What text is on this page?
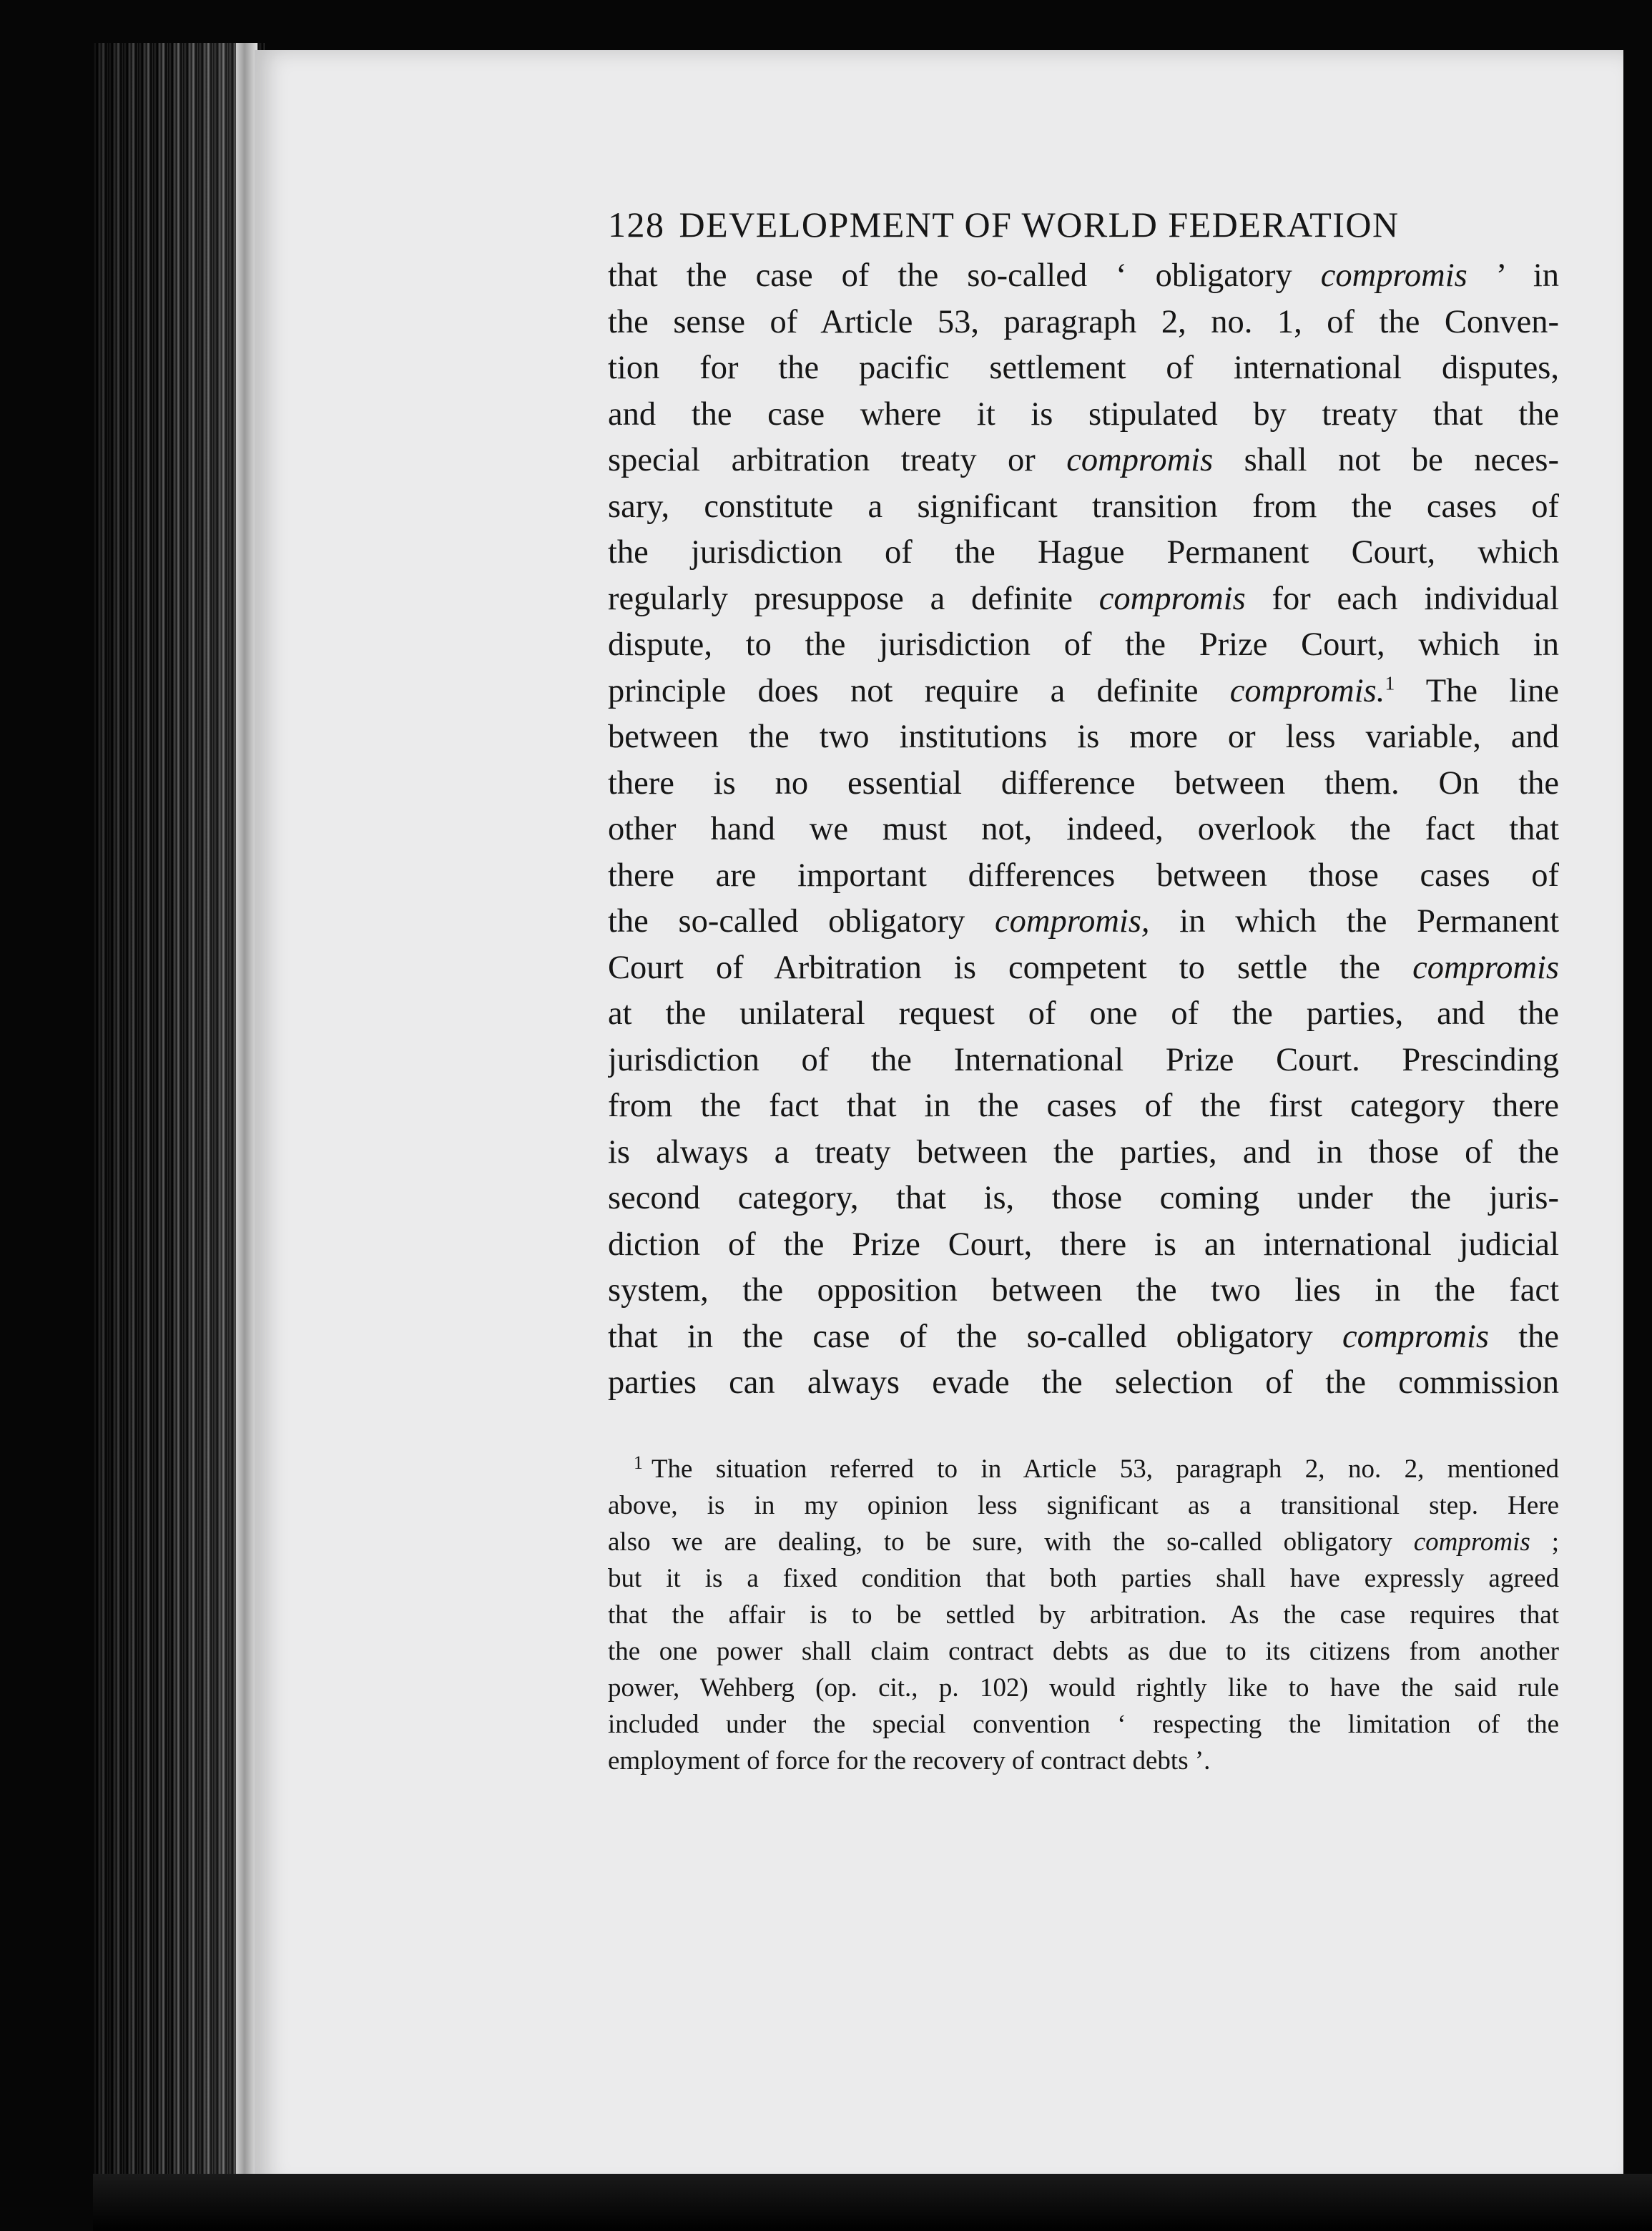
128 DEVELOPMENT OF WORLD FEDERATION

that the case of the so-called ‘ obligatory compromis ’ in

the sense of Article 53, paragraph 2, no. 1, of the Conven-

tion for the pacific settlement of international disputes,

and the case where it is stipulated by treaty that the

special arbitration treaty or compromis shall not be neces-

sary, constitute a significant transition from the cases of

the jurisdiction of the Hague Permanent Court, which

regularly presuppose a definite compromis for each individual

dispute, to the jurisdiction of the Prize Court, which in

principle does not require a definite compromis.$^1$ The line

between the two institutions is more or less variable, and

there is no essential difference between them. On the

other hand we must not, indeed, overlook the fact that

there are important differences between those cases of

the so-called obligatory compromis, in which the Permanent

Court of Arbitration is competent to settle the compromis

at the unilateral request of one of the parties, and the

jurisdiction of the International Prize Court. Prescinding

from the fact that in the cases of the first category there

is always a treaty between the parties, and in those of the

second category, that is, those coming under the juris-

diction of the Prize Court, there is an international judicial

system, the opposition between the two lies in the fact

that in the case of the so-called obligatory compromis the

parties can always evade the selection of the commission

$^1$ The situation referred to in Article 53, paragraph 2, no. 2, mentioned

above, is in my opinion less significant as a transitional step. Here

also we are dealing, to be sure, with the so-called obligatory compromis ;

but it is a fixed condition that both parties shall have expressly agreed

that the affair is to be settled by arbitration. As the case requires that

the one power shall claim contract debts as due to its citizens from another

power, Wehberg (op. cit., p. 102) would rightly like to have the said rule

included under the special convention ‘ respecting the limitation of the

employment of force for the recovery of contract debts ’.
